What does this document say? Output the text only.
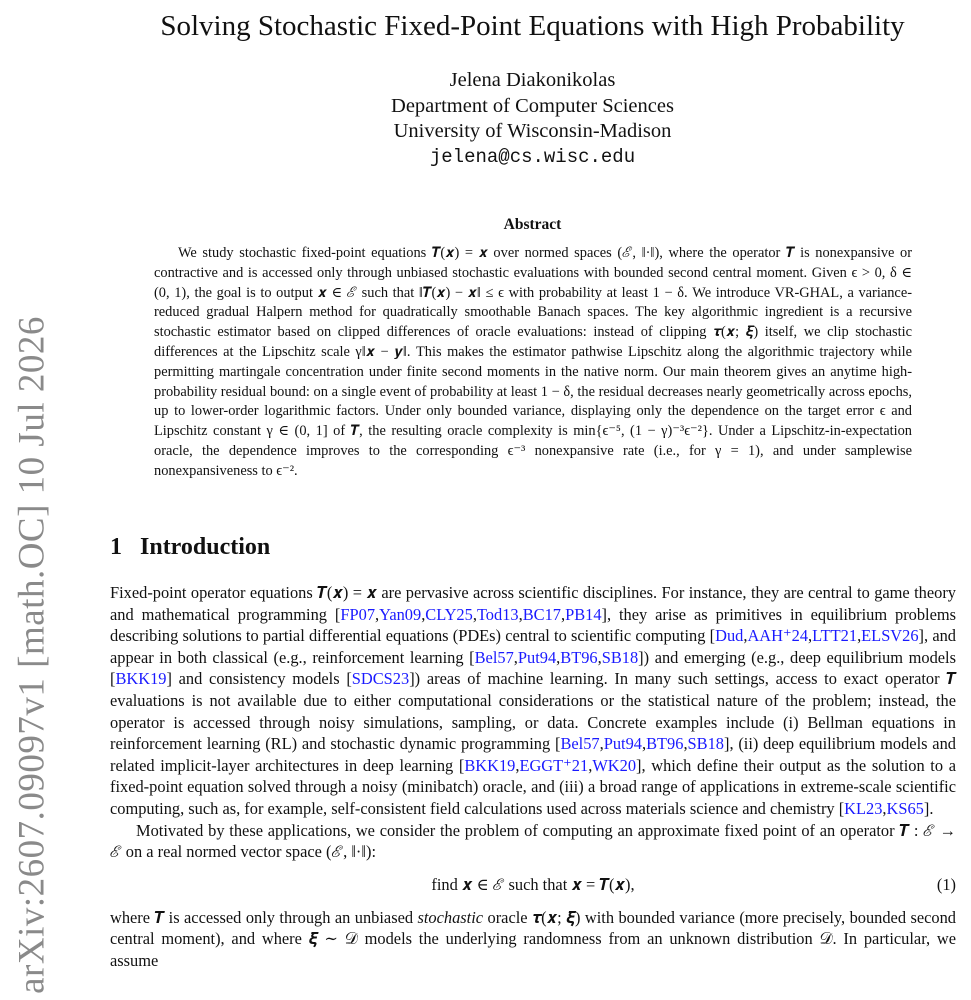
arXiv:2607.09097v1 [math.OC] 10 Jul 2026
Solving Stochastic Fixed-Point Equations with High Probability
Jelena Diakonikolas
Department of Computer Sciences
University of Wisconsin-Madison
jelena@cs.wisc.edu
Abstract

We study stochastic fixed-point equations 𝑻(𝒙) = 𝒙 over normed spaces (ℰ, ‖·‖), where the operator 𝑻 is nonexpansive or contractive and is accessed only through unbiased stochastic evaluations with bounded second central moment. Given ϵ > 0, δ ∈ (0, 1), the goal is to output 𝒙 ∈ ℰ such that ‖𝑻(𝒙) − 𝒙‖ ≤ ϵ with probability at least 1 − δ. We introduce VR-GHAL, a variance-reduced gradual Halpern method for quadratically smoothable Banach spaces. The key algorithmic ingredient is a recursive stochastic estimator based on clipped differences of oracle evaluations: instead of clipping 𝝉(𝒙; 𝝃) itself, we clip stochastic differences at the Lipschitz scale γ‖𝒙 − 𝒚‖. This makes the estimator pathwise Lipschitz along the algorithmic trajectory while permitting martingale concentration under finite second moments in the native norm. Our main theorem gives an anytime high-probability residual bound: on a single event of probability at least 1 − δ, the residual decreases nearly geometrically across epochs, up to lower-order logarithmic factors. Under only bounded variance, displaying only the dependence on the target error ϵ and Lipschitz constant γ ∈ (0, 1] of 𝑻, the resulting oracle complexity is min{ϵ⁻⁵, (1 − γ)⁻³ϵ⁻²}. Under a Lipschitz-in-expectation oracle, the dependence improves to the corresponding ϵ⁻³ nonexpansive rate (i.e., for γ = 1), and under samplewise nonexpansiveness to ϵ⁻².

1 Introduction

Fixed-point operator equations 𝑻(𝒙) = 𝒙 are pervasive across scientific disciplines. For instance, they are central to game theory and mathematical programming [FP07,Yan09,CLY25,Tod13,BC17,PB14], they arise as primitives in equilibrium problems describing solutions to partial differential equations (PDEs) central to scientific computing [Dud,AAH⁺24,LTT21,ELSV26], and appear in both classical (e.g., reinforcement learning [Bel57,Put94,BT96,SB18]) and emerging (e.g., deep equilibrium models [BKK19] and consistency models [SDCS23]) areas of machine learning. In many such settings, access to exact operator 𝑻 evaluations is not available due to either computational considerations or the statistical nature of the problem; instead, the operator is accessed through noisy simulations, sampling, or data. Concrete examples include (i) Bellman equations in reinforcement learning (RL) and stochastic dynamic programming [Bel57,Put94,BT96,SB18], (ii) deep equilibrium models and related implicit-layer architectures in deep learning [BKK19,EGGT⁺21,WK20], which define their output as the solution to a fixed-point equation solved through a noisy (minibatch) oracle, and (iii) a broad range of applications in extreme-scale scientific computing, such as, for example, self-consistent field calculations used across materials science and chemistry [KL23,KS65].

Motivated by these applications, we consider the problem of computing an approximate fixed point of an operator 𝑻 : ℰ → ℰ on a real normed vector space (ℰ, ‖·‖):

find 𝒙 ∈ ℰ such that 𝒙 = 𝑻(𝒙),	(1)

where 𝑻 is accessed only through an unbiased stochastic oracle 𝝉(𝒙; 𝝃) with bounded variance (more precisely, bounded second central moment), and where 𝝃 ∼ 𝒟 models the underlying randomness from an unknown distribution 𝒟. In particular, we assume
